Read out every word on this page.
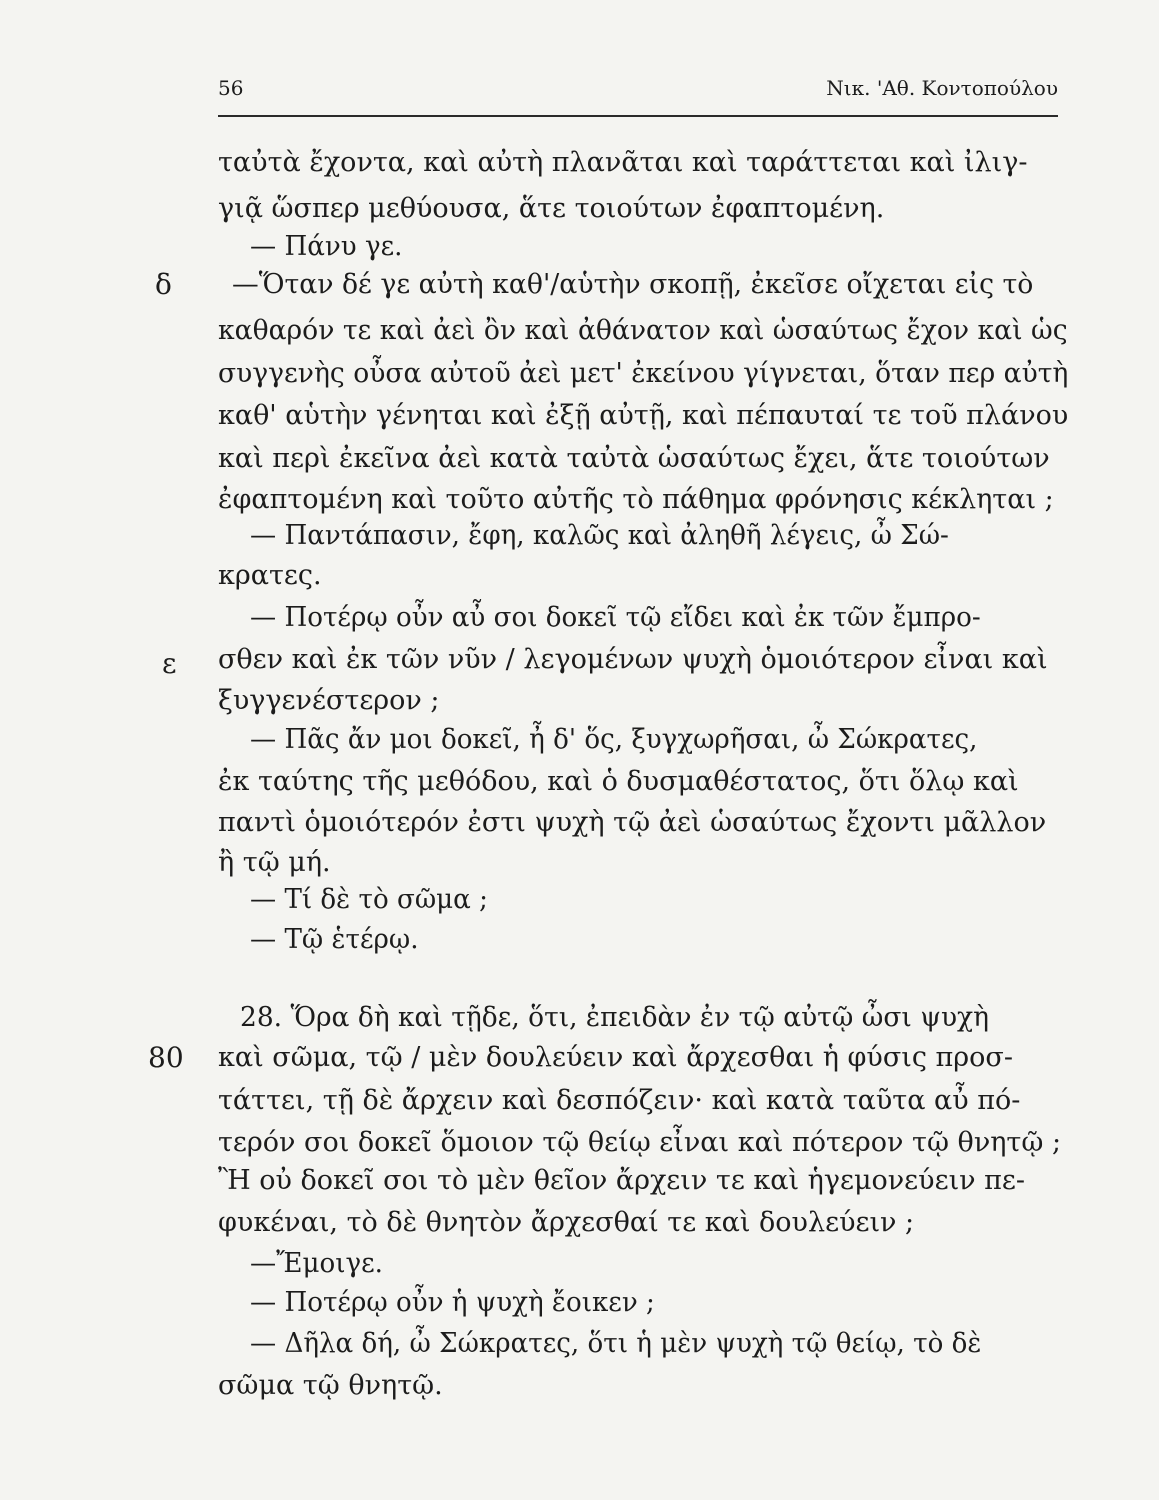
56	Νικ. 'Αθ. Κοντοπούλου
δ
ε
80
ταὐτὰ ἔχοντα, καὶ αὐτὴ πλανᾶται καὶ ταράττεται καὶ ἰλιγ-
γιᾷ ὥσπερ μεθύουσα, ἅτε τοιούτων ἐφαπτομένη.
— Πάνυ γε.
—Ὅταν δέ γε αὐτὴ καθ'/αὑτὴν σκοπῇ, ἐκεῖσε οἴχεται εἰς τὸ
καθαρόν τε καὶ ἀεὶ ὂν καὶ ἀθάνατον καὶ ὡσαύτως ἔχον καὶ ὡς
συγγενὴς οὖσα αὐτοῦ ἀεὶ μετ' ἐκείνου γίγνεται, ὅταν περ αὐτὴ
καθ' αὑτὴν γένηται καὶ ἐξῇ αὐτῇ, καὶ πέπαυταί τε τοῦ πλάνου
καὶ περὶ ἐκεῖνα ἀεὶ κατὰ ταὐτὰ ὡσαύτως ἔχει, ἅτε τοιούτων
ἐφαπτομένη καὶ τοῦτο αὐτῆς τὸ πάθημα φρόνησις κέκληται ;
— Παντάπασιν, ἔφη, καλῶς καὶ ἀληθῆ λέγεις, ὦ Σώ-
κρατες.
— Ποτέρῳ οὖν αὖ σοι δοκεῖ τῷ εἴδει καὶ ἐκ τῶν ἔμπρο-
σθεν καὶ ἐκ τῶν νῦν / λεγομένων ψυχὴ ὁμοιότερον εἶναι καὶ
ξυγγενέστερον ;
— Πᾶς ἄν μοι δοκεῖ, ἦ δ' ὅς, ξυγχωρῆσαι, ὦ Σώκρατες,
ἐκ ταύτης τῆς μεθόδου, καὶ ὁ δυσμαθέστατος, ὅτι ὅλῳ καὶ
παντὶ ὁμοιότερόν ἐστι ψυχὴ τῷ ἀεὶ ὡσαύτως ἔχοντι μᾶλλον
ἢ τῷ μή.
— Τί δὲ τὸ σῶμα ;
— Τῷ ἑτέρῳ.
28. Ὅρα δὴ καὶ τῇδε, ὅτι, ἐπειδὰν ἐν τῷ αὐτῷ ὦσι ψυχὴ
καὶ σῶμα, τῷ / μὲν δουλεύειν καὶ ἄρχεσθαι ἡ φύσις προσ-
τάττει, τῇ δὲ ἄρχειν καὶ δεσπόζειν· καὶ κατὰ ταῦτα αὖ πό-
τερόν σοι δοκεῖ ὅμοιον τῷ θείῳ εἶναι καὶ πότερον τῷ θνητῷ ;
Ἢ οὐ δοκεῖ σοι τὸ μὲν θεῖον ἄρχειν τε καὶ ἡγεμονεύειν πε-
φυκέναι, τὸ δὲ θνητὸν ἄρχεσθαί τε καὶ δουλεύειν ;
—Ἔμοιγε.
— Ποτέρῳ οὖν ἡ ψυχὴ ἔοικεν ;
— Δῆλα δή, ὦ Σώκρατες, ὅτι ἡ μὲν ψυχὴ τῷ θείῳ, τὸ δὲ
σῶμα τῷ θνητῷ.
